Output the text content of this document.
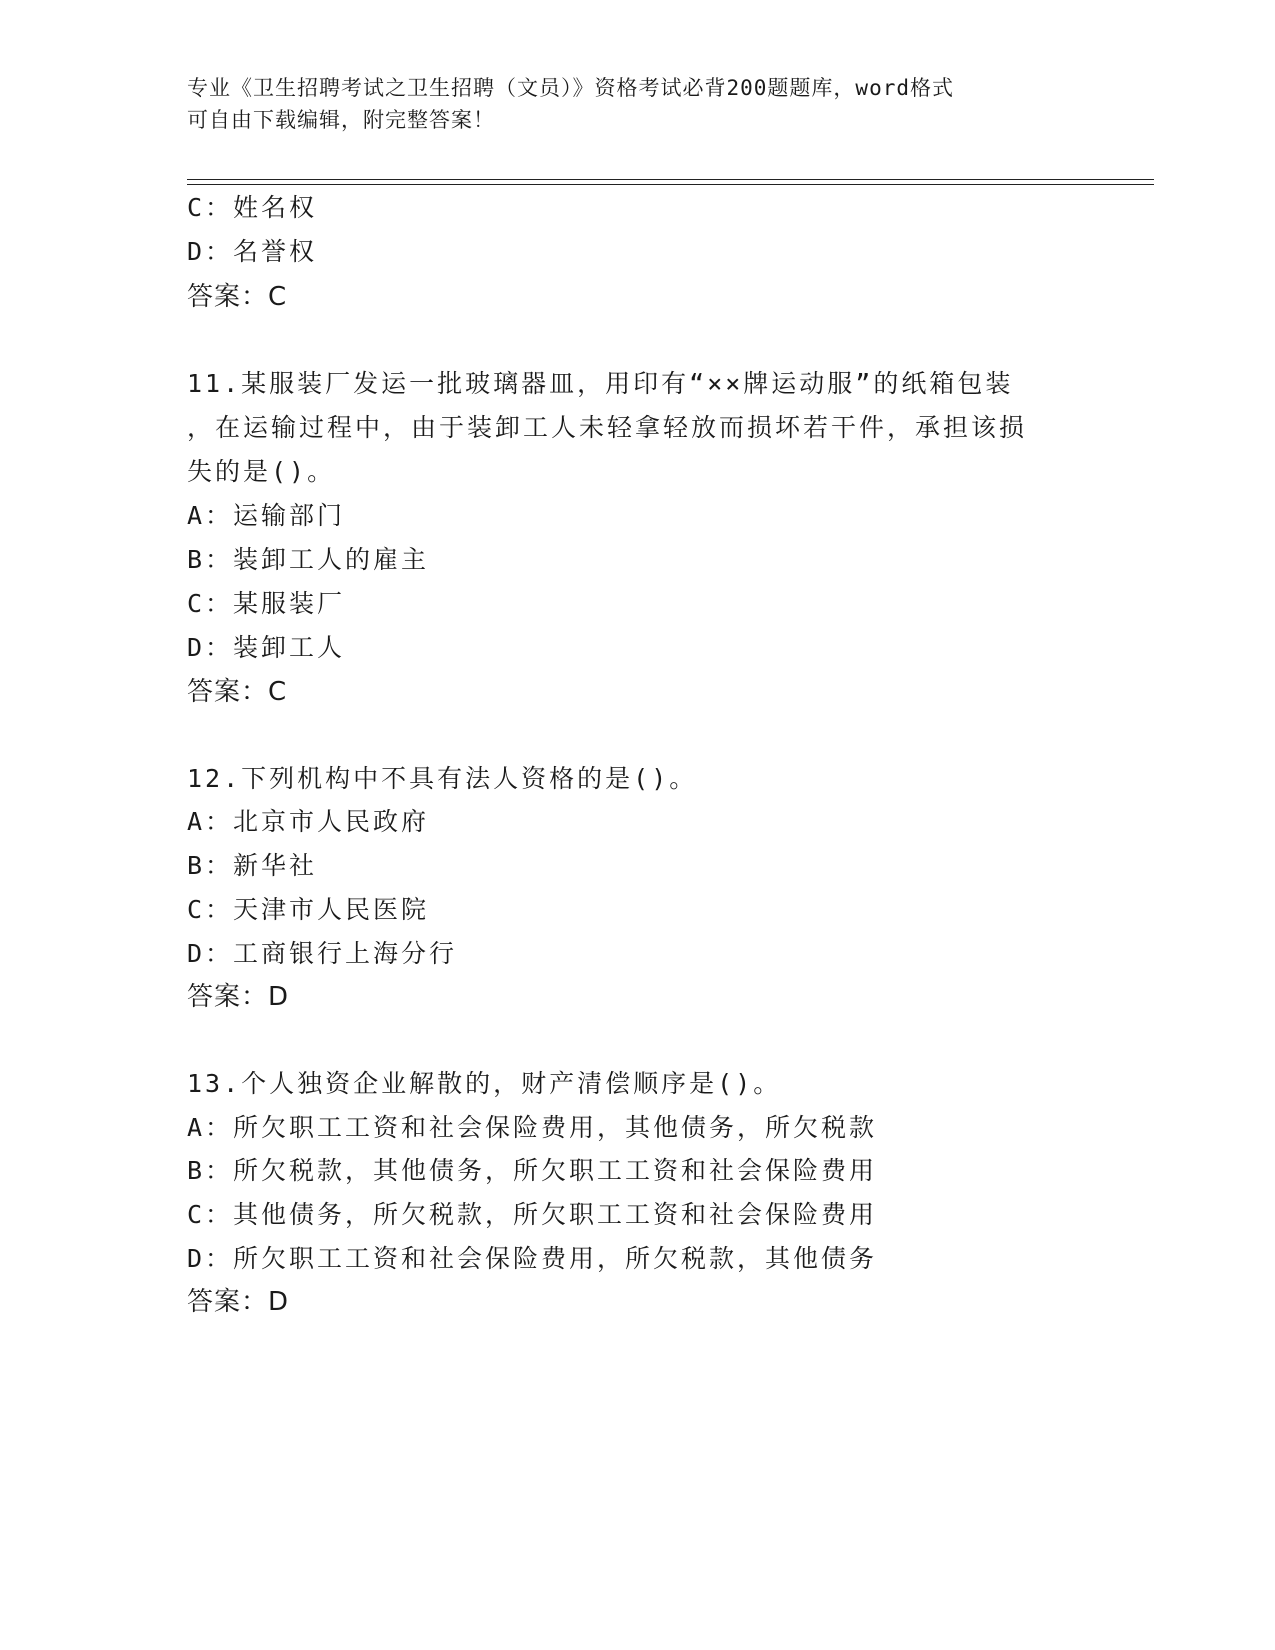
专业《卫生招聘考试之卫生招聘（文员）》资格考试必背200题题库，word格式
可自由下载编辑，附完整答案！
C：姓名权
D：名誉权
答案：C
11.某服装厂发运一批玻璃器皿，用印有“××牌运动服”的纸箱包装
，在运输过程中，由于装卸工人未轻拿轻放而损坏若干件，承担该损
失的是()。
A：运输部门
B：装卸工人的雇主
C：某服装厂
D：装卸工人
答案：C
12.下列机构中不具有法人资格的是()。
A：北京市人民政府
B：新华社
C：天津市人民医院
D：工商银行上海分行
答案：D
13.个人独资企业解散的，财产清偿顺序是()。
A：所欠职工工资和社会保险费用，其他债务，所欠税款
B：所欠税款，其他债务，所欠职工工资和社会保险费用
C：其他债务，所欠税款，所欠职工工资和社会保险费用
D：所欠职工工资和社会保险费用，所欠税款，其他债务
答案：D
